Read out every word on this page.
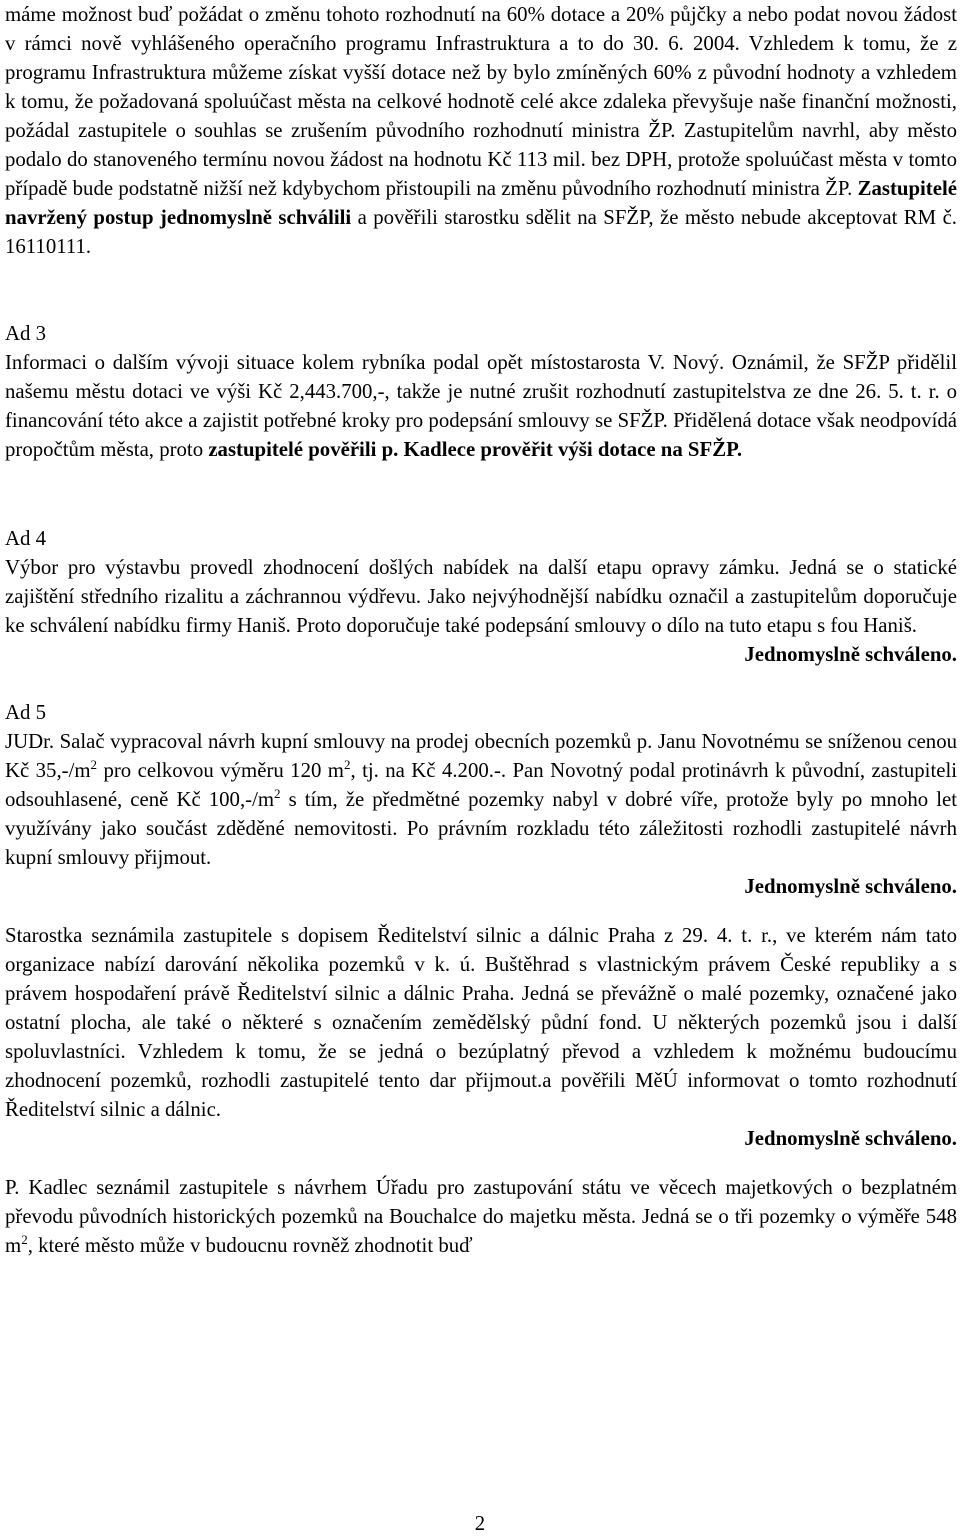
máme možnost buď požádat o změnu tohoto rozhodnutí na 60% dotace a 20% půjčky a nebo podat novou žádost v rámci nově vyhlášeného operačního programu Infrastruktura a to do 30. 6. 2004. Vzhledem k tomu, že z programu Infrastruktura můžeme získat vyšší dotace než by bylo zmíněných 60% z původní hodnoty a vzhledem k tomu, že požadovaná spoluúčast města na celkové hodnotě celé akce zdaleka převyšuje naše finanční možnosti, požádal zastupitele o souhlas se zrušením původního rozhodnutí ministra ŽP. Zastupitelům navrhl, aby město podalo do stanoveného termínu novou žádost na hodnotu Kč 113 mil. bez DPH, protože spoluúčast města v tomto případě bude podstatně nižší než kdybychom přistoupili na změnu původního rozhodnutí ministra ŽP. Zastupitelé navržený postup jednomyslně schválili a pověřili starostku sdělit na SFŽP, že město nebude akceptovat RM č. 16110111.

Ad 3

Informaci o dalším vývoji situace kolem rybníka podal opět místostarosta V. Nový. Oznámil, že SFŽP přidělil našemu městu dotaci ve výši Kč 2,443.700,-, takže je nutné zrušit rozhodnutí zastupitelstva ze dne 26. 5. t. r. o financování této akce a zajistit potřebné kroky pro podepsání smlouvy se SFŽP. Přidělená dotace však neodpovídá propočtům města, proto zastupitelé pověřili p. Kadlece prověřit výši dotace na SFŽP.

Ad 4

Výbor pro výstavbu provedl zhodnocení došlých nabídek na další etapu opravy zámku. Jedná se o statické zajištění středního rizalitu a záchrannou výdřevu. Jako nejvýhodnější nabídku označil a zastupitelům doporučuje ke schválení nabídku firmy Haniš. Proto doporučuje také podepsání smlouvy o dílo na tuto etapu s fou Haniš.

Jednomyslně schváleno.

Ad 5

JUDr. Salač vypracoval návrh kupní smlouvy na prodej obecních pozemků p. Janu Novotnému se sníženou cenou Kč $35,-/m^2$ pro celkovou výměru 120 $m^2$, tj. na Kč 4.200.-. Pan Novotný podal protinávrh k původní, zastupiteli odsouhlasené, ceně Kč $100,-/m^2$ s tím, že předmětné pozemky nabyl v dobré víře, protože byly po mnoho let využívány jako součást zděděné nemovitosti. Po právním rozkladu této záležitosti rozhodli zastupitelé návrh kupní smlouvy přijmout.

Jednomyslně schváleno.

Starostka seznámila zastupitele s dopisem Ředitelství silnic a dálnic Praha z 29. 4. t. r., ve kterém nám tato organizace nabízí darování několika pozemků v k. ú. Buštěhrad s vlastnickým právem České republiky a s právem hospodaření právě Ředitelství silnic a dálnic Praha. Jedná se převážně o malé pozemky, označené jako ostatní plocha, ale také o některé s označením zemědělský půdní fond. U některých pozemků jsou i další spoluvlastníci. Vzhledem k tomu, že se jedná o bezúplatný převod a vzhledem k možnému budoucímu zhodnocení pozemků, rozhodli zastupitelé tento dar přijmout.a pověřili MěÚ informovat o tomto rozhodnutí Ředitelství silnic a dálnic.

Jednomyslně schváleno.

P. Kadlec seznámil zastupitele s návrhem Úřadu pro zastupování státu ve věcech majetkových o bezplatném převodu původních historických pozemků na Bouchalce do majetku města. Jedná se o tři pozemky o výměře 548 $m^2$, které město může v budoucnu rovněž zhodnotit buď

2
